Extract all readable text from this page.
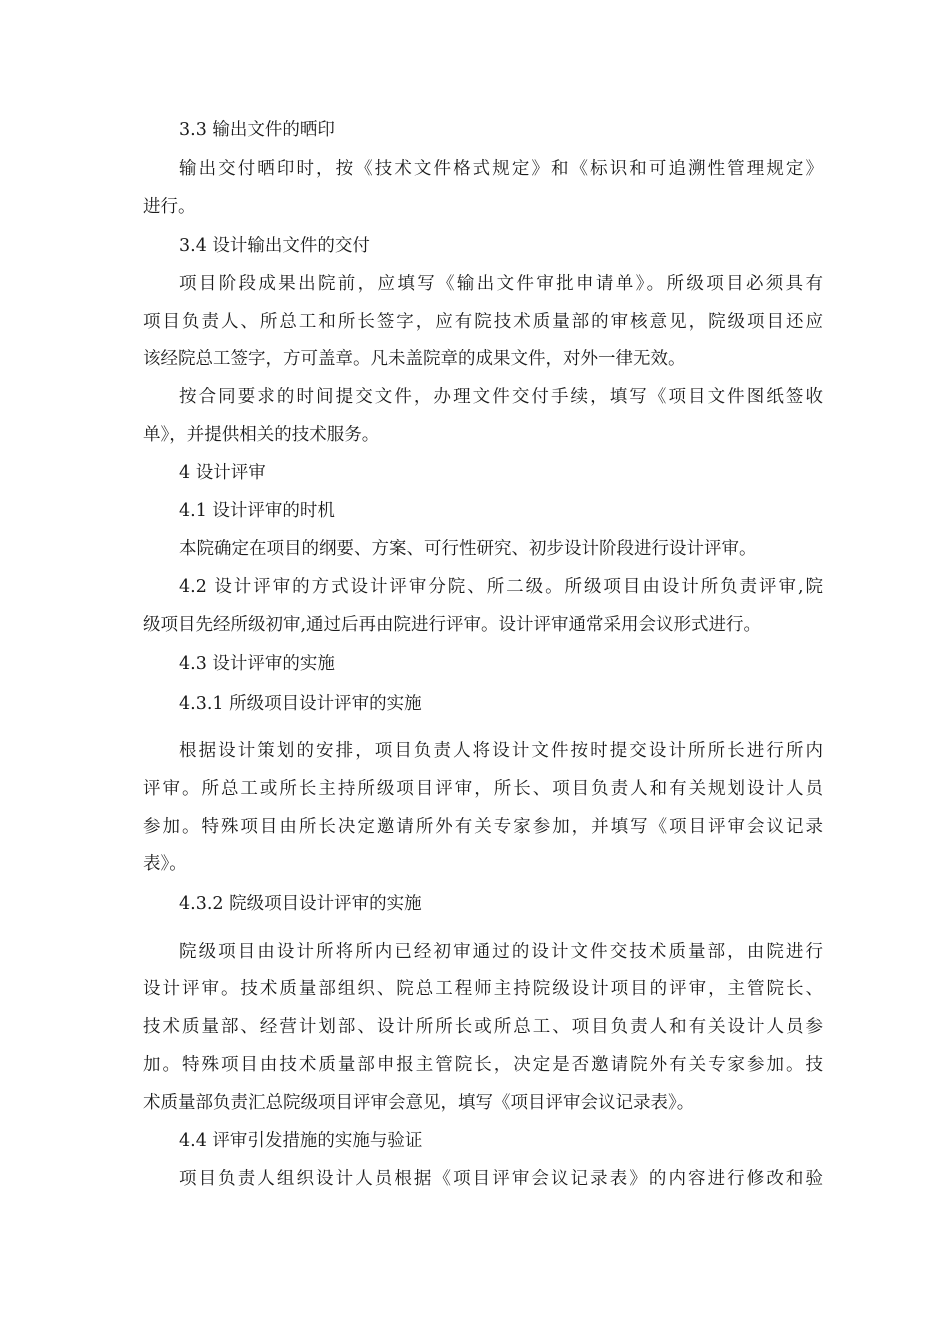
3.3 输出文件的晒印
输出交付晒印时，按《技术文件格式规定》和《标识和可追溯性管理规定》
进行。
3.4 设计输出文件的交付
项目阶段成果出院前，应填写《输出文件审批申请单》。所级项目必须具有
项目负责人、所总工和所长签字，应有院技术质量部的审核意见，院级项目还应
该经院总工签字，方可盖章。凡未盖院章的成果文件，对外一律无效。
按合同要求的时间提交文件，办理文件交付手续，填写《项目文件图纸签收
单》，并提供相关的技术服务。
4 设计评审
4.1 设计评审的时机
本院确定在项目的纲要、方案、可行性研究、初步设计阶段进行设计评审。
4.2 设计评审的方式设计评审分院、所二级。所级项目由设计所负责评审,院
级项目先经所级初审,通过后再由院进行评审。设计评审通常采用会议形式进行。
4.3 设计评审的实施
4.3.1 所级项目设计评审的实施
根据设计策划的安排，项目负责人将设计文件按时提交设计所所长进行所内
评审。所总工或所长主持所级项目评审，所长、项目负责人和有关规划设计人员
参加。特殊项目由所长决定邀请所外有关专家参加，并填写《项目评审会议记录
表》。
4.3.2 院级项目设计评审的实施
院级项目由设计所将所内已经初审通过的设计文件交技术质量部，由院进行
设计评审。技术质量部组织、院总工程师主持院级设计项目的评审，主管院长、
技术质量部、经营计划部、设计所所长或所总工、项目负责人和有关设计人员参
加。特殊项目由技术质量部申报主管院长，决定是否邀请院外有关专家参加。技
术质量部负责汇总院级项目评审会意见，填写《项目评审会议记录表》。
4.4 评审引发措施的实施与验证
项目负责人组织设计人员根据《项目评审会议记录表》的内容进行修改和验
